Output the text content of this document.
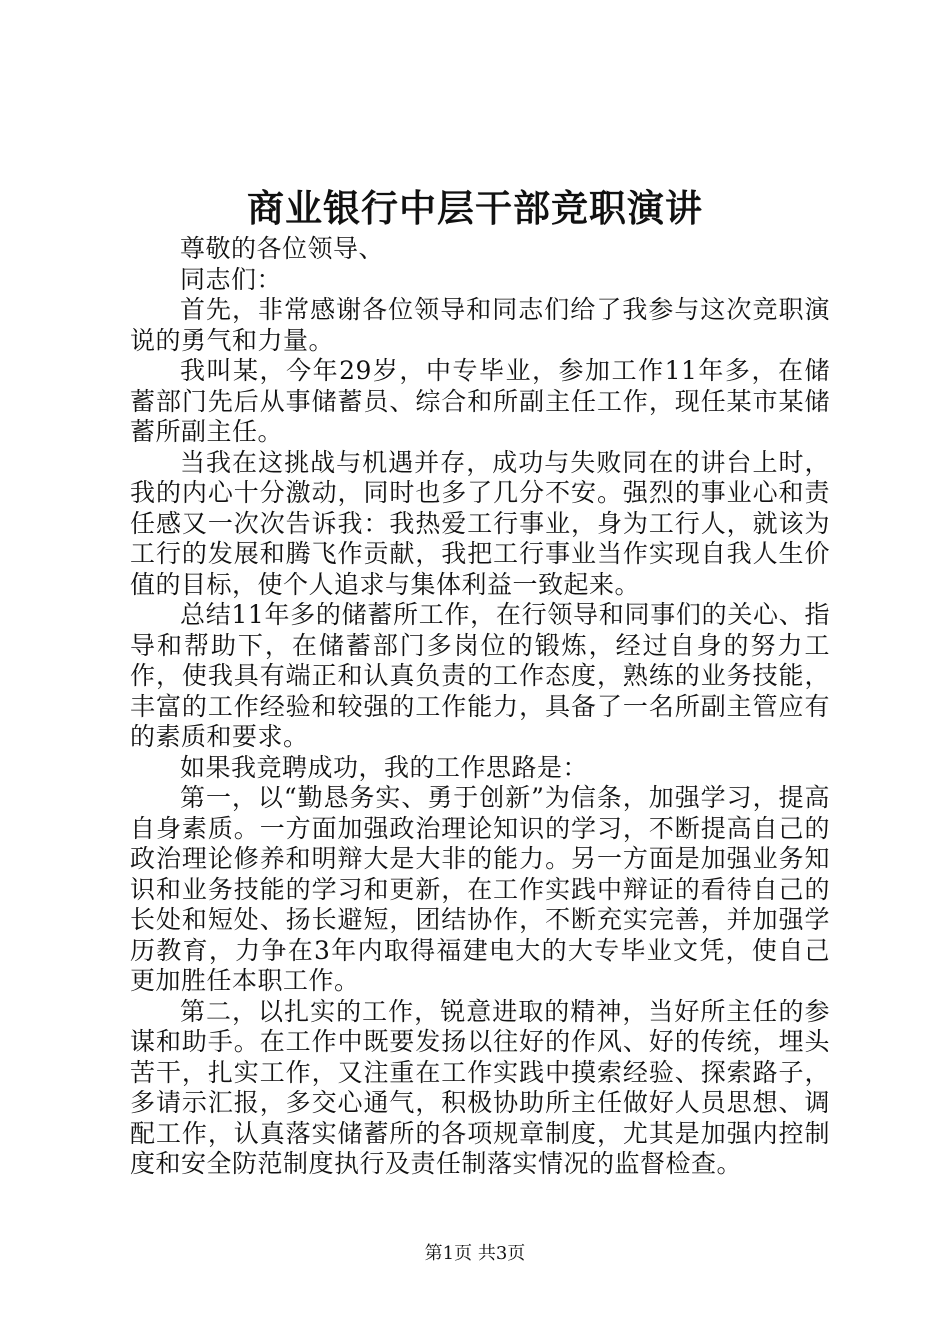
商业银行中层干部竞职演讲

尊敬的各位领导、

同志们：

首先，非常感谢各位领导和同志们给了我参与这次竞职演说的勇气和力量。

我叫某，今年29岁，中专毕业，参加工作11年多，在储蓄部门先后从事储蓄员、综合和所副主任工作，现任某市某储蓄所副主任。

当我在这挑战与机遇并存，成功与失败同在的讲台上时，我的内心十分激动，同时也多了几分不安。强烈的事业心和责任感又一次次告诉我：我热爱工行事业，身为工行人，就该为工行的发展和腾飞作贡献，我把工行事业当作实现自我人生价值的目标，使个人追求与集体利益一致起来。

总结11年多的储蓄所工作，在行领导和同事们的关心、指导和帮助下，在储蓄部门多岗位的锻炼，经过自身的努力工作，使我具有端正和认真负责的工作态度，熟练的业务技能，丰富的工作经验和较强的工作能力，具备了一名所副主管应有的素质和要求。

如果我竞聘成功，我的工作思路是：

第一，以“勤恳务实、勇于创新”为信条，加强学习，提高自身素质。一方面加强政治理论知识的学习，不断提高自己的政治理论修养和明辩大是大非的能力。另一方面是加强业务知识和业务技能的学习和更新，在工作实践中辩证的看待自己的长处和短处、扬长避短，团结协作，不断充实完善，并加强学历教育，力争在3年内取得福建电大的大专毕业文凭，使自己更加胜任本职工作。

第二，以扎实的工作，锐意进取的精神，当好所主任的参谋和助手。在工作中既要发扬以往好的作风、好的传统，埋头苦干，扎实工作，又注重在工作实践中摸索经验、探索路子，多请示汇报，多交心通气，积极协助所主任做好人员思想、调配工作，认真落实储蓄所的各项规章制度，尤其是加强内控制度和安全防范制度执行及责任制落实情况的监督检查。

第1页 共3页
